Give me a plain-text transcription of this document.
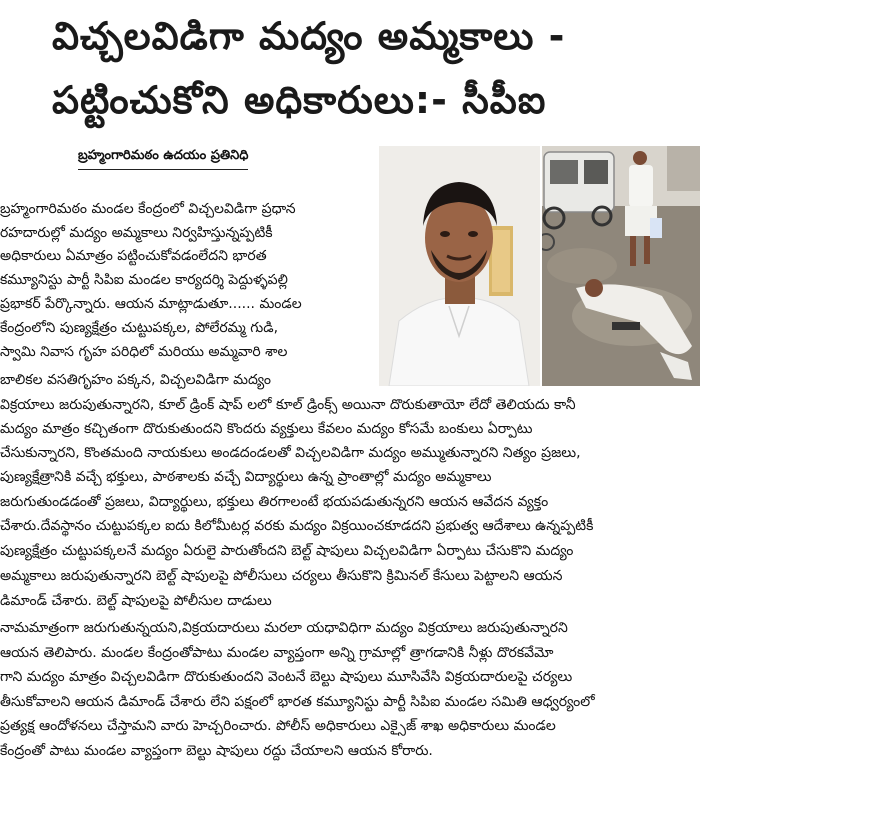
విచ్చలవిడిగా మద్యం అమ్మకాలు -
పట్టించుకోని అధికారులు:- సీపీఐ
బ్రహ్మంగారిమఠం ఉదయం ప్రతినిధి
బ్రహ్మంగారిమఠం మండల కేంద్రంలో విచ్చలవిడిగా ప్రధాన
రహదారుల్లో మద్యం అమ్మకాలు నిర్వహిస్తున్నప్పటికీ
అధికారులు ఏమాత్రం పట్టించుకోవడంలేదని భారత
కమ్యూనిస్టు పార్టీ సిపిఐ మండల కార్యదర్శి పెద్దుళ్ళపల్లి
ప్రభాకర్ పేర్కొన్నారు. ఆయన మాట్లాడుతూ...... మండల
కేంద్రంలోని పుణ్యక్షేత్రం చుట్టుపక్కల, పోలేరమ్మ గుడి,
స్వామి నివాస గృహ పరిధిలో మరియు అమ్మవారి శాల
బాలికల వసతిగృహం పక్కన, విచ్చలవిడిగా మద్యం
విక్రయాలు జరుపుతున్నారని, కూల్ డ్రింక్ షాప్ లలో కూల్ డ్రింక్స్ అయినా దొరుకుతాయో లేదో తెలియదు కానీ
మద్యం మాత్రం కచ్చితంగా దొరుకుతుందని కొందరు వ్యక్తులు కేవలం మద్యం కోసమే బంకులు ఏర్పాటు
చేసుకున్నారని, కొంతమంది నాయకులు అండదండలతో విచ్చలవిడిగా మద్యం అమ్ముతున్నారని నిత్యం ప్రజలు,
పుణ్యక్షేత్రానికి వచ్చే భక్తులు, పాఠశాలకు వచ్చే విద్యార్థులు ఉన్న ప్రాంతాల్లో మద్యం అమ్మకాలు
జరుగుతుండడంతో ప్రజలు, విద్యార్థులు, భక్తులు తిరగాలంటే భయపడుతున్నరని ఆయన ఆవేదన వ్యక్తం
చేశారు.దేవస్థానం చుట్టుపక్కల ఐదు కిలోమీటర్ల వరకు మద్యం విక్రయించకూడదని ప్రభుత్వ ఆదేశాలు ఉన్నప్పటికీ
పుణ్యక్షేత్రం చుట్టుపక్కలనే మద్యం ఏరులై పారుతోందని బెల్ట్ షాపులు విచ్చలవిడిగా ఏర్పాటు చేసుకొని మద్యం
అమ్మకాలు జరుపుతున్నారని బెల్ట్ షాపులపై పోలీసులు చర్యలు తీసుకొని క్రిమినల్ కేసులు పెట్టాలని ఆయన
డిమాండ్ చేశారు. బెల్ట్ షాపులపై పోలీసుల దాడులు
నామమాత్రంగా జరుగుతున్నయని,విక్రయదారులు మరలా యధావిధిగా మద్యం విక్రయాలు జరుపుతున్నారని
ఆయన తెలిపారు. మండల కేంద్రంతోపాటు మండల వ్యాప్తంగా అన్ని గ్రామాల్లో త్రాగడానికి నీళ్లు దొరకవేమో
గాని మద్యం మాత్రం విచ్చలవిడిగా దొరుకుతుందని వెంటనే బెల్టు షాపులు మూసివేసి విక్రయదారులపై చర్యలు
తీసుకోవాలని ఆయన డిమాండ్ చేశారు లేని పక్షంలో భారత కమ్యూనిస్టు పార్టీ సిపిఐ మండల సమితి ఆధ్వర్యంలో
ప్రత్యక్ష ఆందోళనలు చేస్తామని వారు హెచ్చరించారు. పోలీస్ అధికారులు ఎక్సైజ్ శాఖ అధికారులు మండల
కేంద్రంతో పాటు మండల వ్యాప్తంగా బెల్టు షాపులు రద్దు చేయాలని ఆయన కోరారు.
